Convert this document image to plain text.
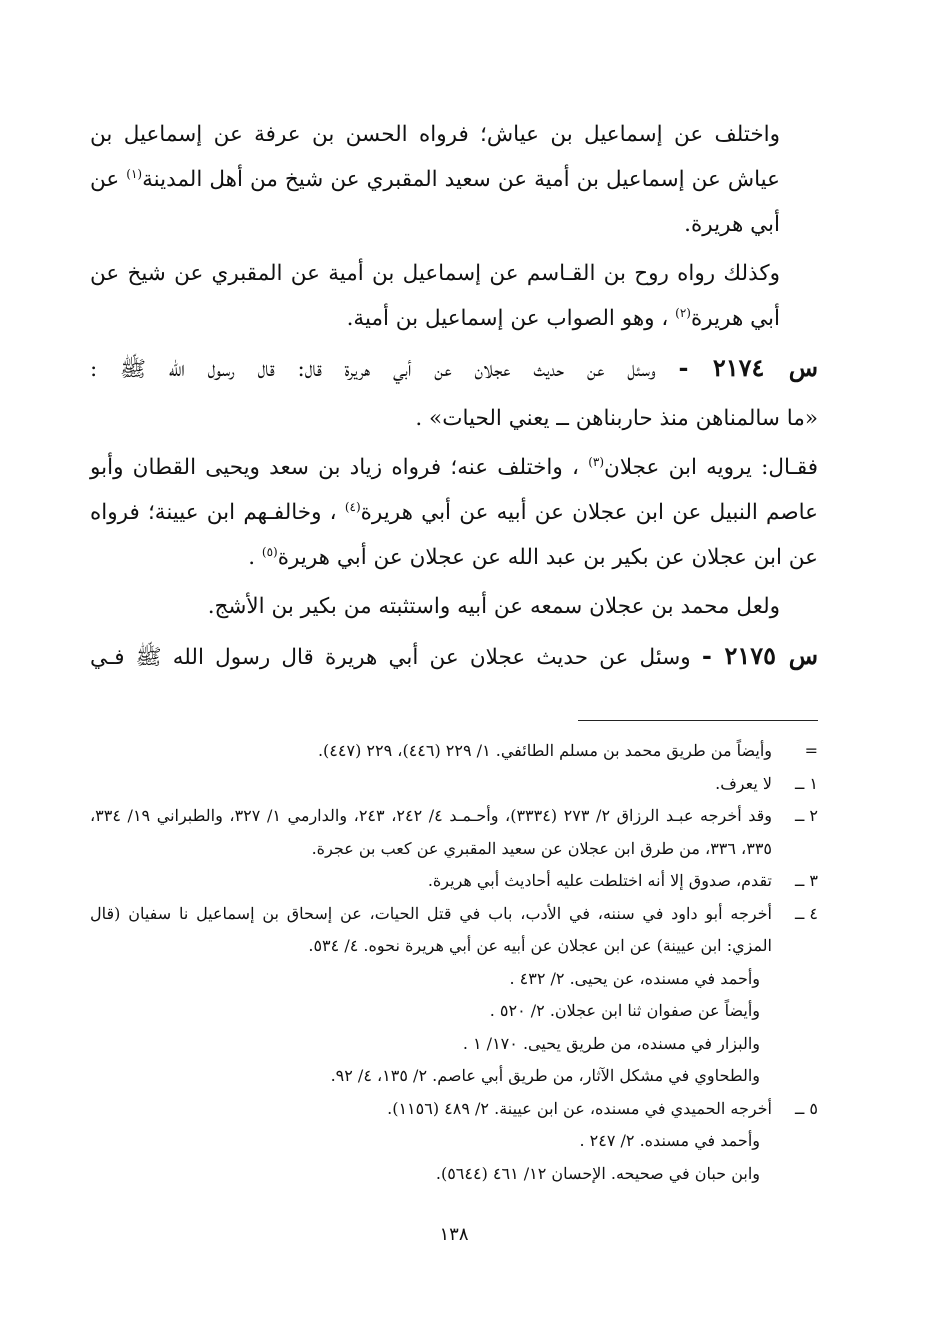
واختلف عن إسماعيل بن عياش؛ فرواه الحسن بن عرفة عن إسماعيل بن عياش عن إسماعيل بن أمية عن سعيد المقبري عن شيخ من أهل المدينة$^{(١)}$ عن أبي هريرة.

وكذلك رواه روح بن القـاسم عن إسماعيل بن أمية عن المقبري عن شيخ عن أبي هريرة$^{(٢)}$ ، وهو الصواب عن إسماعيل بن أمية.

س ٢١٧٤ - وسئل عن حديث عجلان عن أبي هريرة قال: قال رسول الله ﷺ :

«ما سالمناهن منذ حاربناهن ــ يعني الحيات» .

فقـال: يرويه ابن عجلان$^{(٣)}$ ، واختلف عنه؛ فرواه زياد بن سعد ويحيى القطان وأبو عاصم النبيل عن ابن عجلان عن أبيه عن أبي هريرة$^{(٤)}$ ، وخالفـهم ابن عيينة؛ فرواه عن ابن عجلان عن بكير بن عبد الله عن عجلان عن أبي هريرة$^{(٥)}$ .

ولعل محمد بن عجلان سمعه عن أبيه واستثبته من بكير بن الأشج.

س ٢١٧٥ - وسئل عن حديث عجلان عن أبي هريرة قال رسول الله ﷺ فـي

=
وأيضاً من طريق محمد بن مسلم الطائفي. ١/ ٢٢٩ (٤٤٦)، ٢٢٩ (٤٤٧).
١ ــ
لا يعرف.
٢ ــ
وقد أخرجه عبـد الرزاق ٢/ ٢٧٣ (٣٣٣٤)، وأحـمـد ٤/ ٢٤٢، ٢٤٣، والدارمي ١/ ٣٢٧، والطبراني ١٩/ ٣٣٤، ٣٣٥، ٣٣٦، من طرق ابن عجلان عن سعيد المقبري عن كعب بن عجرة.
٣ ــ
تقدم، صدوق إلا أنه اختلطت عليه أحاديث أبي هريرة.
٤ ــ
أخرجه أبو داود في سننه، في الأدب، باب في قتل الحيات، عن إسحاق بن إسماعيل نا سفيان (قال المزي: ابن عيينة) عن ابن عجلان عن أبيه عن أبي هريرة نحوه. ٤/ ٥٣٤.
وأحمد في مسنده، عن يحيى. ٢/ ٤٣٢ .
وأيضاً عن صفوان ثنا ابن عجلان. ٢/ ٥٢٠ .
والبزار في مسنده، من طريق يحيى. ١٧٠/ ١ .
والطحاوي في مشكل الآثار، من طريق أبي عاصم. ٢/ ١٣٥، ٤/ ٩٢.
٥ ــ
أخرجه الحميدي في مسنده، عن ابن عيينة. ٢/ ٤٨٩ (١١٥٦).
وأحمد في مسنده. ٢/ ٢٤٧ .
وابن حبان في صحيحه. الإحسان ١٢/ ٤٦١ (٥٦٤٤).
١٣٨
